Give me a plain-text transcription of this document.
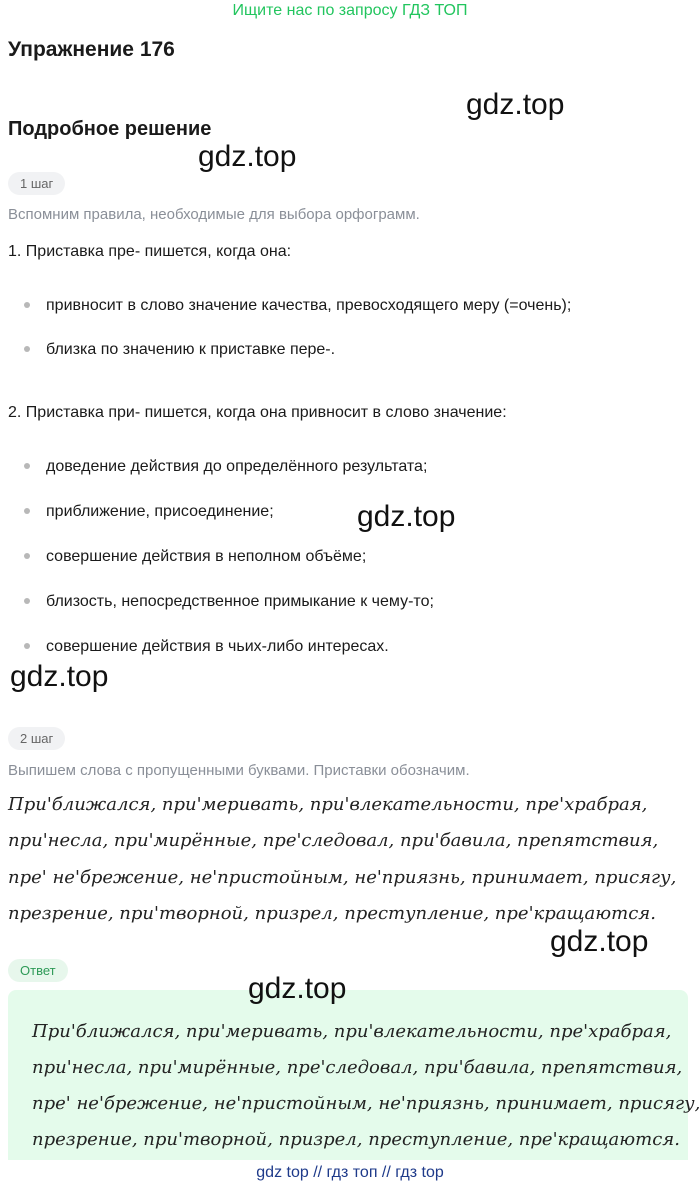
Ищите нас по запросу ГДЗ ТОП
Упражнение 176
gdz.top
Подробное решение
gdz.top
1 шаг
Вспомним правила, необходимые для выбора орфограмм.
1. Приставка пре- пишется, когда она:
привносит в слово значение качества, превосходящего меру (=очень);
близка по значению к приставке пере-.
2. Приставка при- пишется, когда она привносит в слово значение:
доведение действия до определённого результата;
приближение, присоединение;
совершение действия в неполном объёме;
близость, непосредственное примыкание к чему-то;
совершение действия в чьих-либо интересах.
gdz.top
gdz.top
2 шаг
Выпишем слова с пропущенными буквами. Приставки обозначим.
При'ближался, при'меривать, при'влекательности, пре'храбрая,
при'несла, при'мирённые, пре'следовал, при'бавила, препятствия,
пре' не'брежение, не'пристойным, не'приязнь, принимает, присягу,
презрение, при'творной, призрел, преступление, пре'кращаются.
gdz.top
Ответ
При'ближался, при'меривать, при'влекательности, пре'храбрая,
при'несла, при'мирённые, пре'следовал, при'бавила, препятствия,
пре' не'брежение, не'пристойным, не'приязнь, принимает, присягу,
презрение, при'творной, призрел, преступление, пре'кращаются.
gdz.top
gdz top // гдз топ // гдз top
